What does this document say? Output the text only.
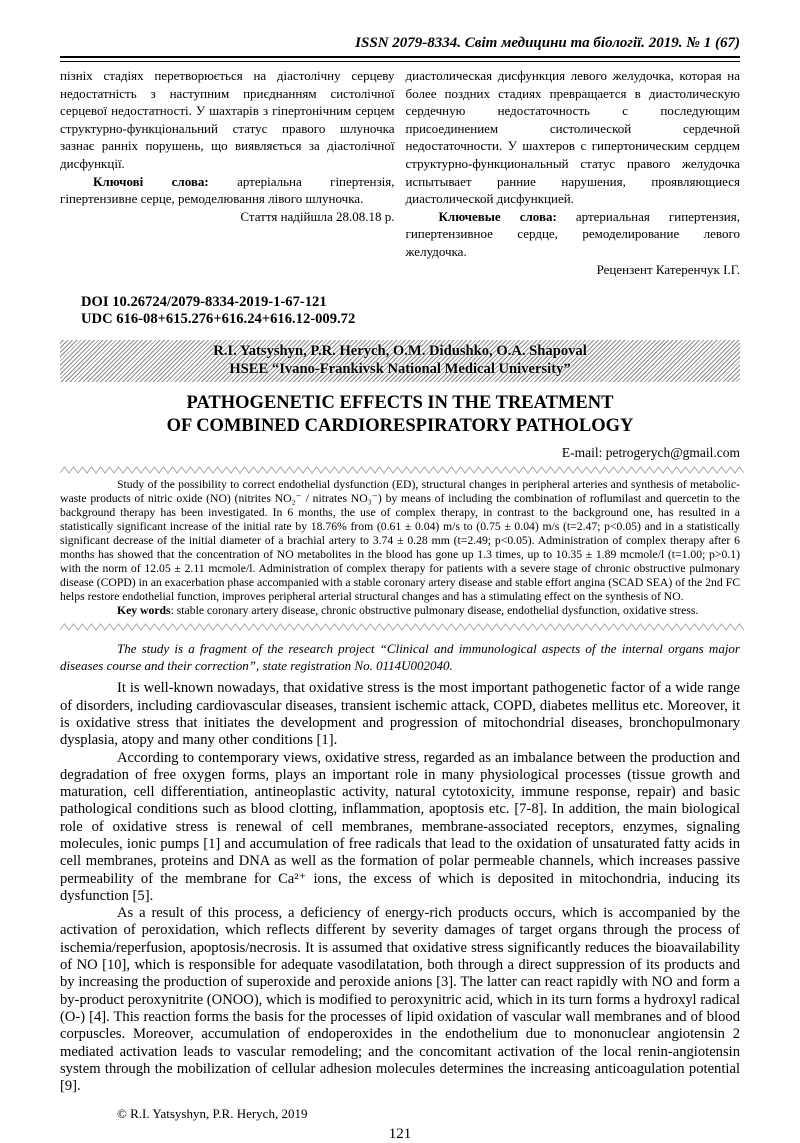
ISSN 2079-8334. Світ медицини та біології. 2019. № 1 (67)

пізніх стадіях перетворюється на діастолічну серцеву недостатність з наступним приєднанням систолічної серцевої недостатності. У шахтарів з гіпертонічним серцем структурно-функціональний статус правого шлуночка зазнає ранніх порушень, що виявляється за діастолічної дисфункції.

Ключові слова: артеріальна гіпертензія, гіпертензивне серце, ремоделювання лівого шлуночка.

Стаття надійшла 28.08.18 р.

диастолическая дисфункция левого желудочка, которая на более поздних стадиях превращается в диастолическую сердечную недостаточность с последующим присоединением систолической сердечной недостаточности. У шахтеров с гипертоническим сердцем структурно-функциональный статус правого желудочка испытывает ранние нарушения, проявляющиеся диастолической дисфункцией.

Ключевые слова: артериальная гипертензия, гипертензивное сердце, ремоделирование левого желудочка.

Рецензент Катеренчук І.Г.

DOI 10.26724/2079-8334-2019-1-67-121
UDC 616-08+615.276+616.24+616.12-009.72
R.I. Yatsyshyn, P.R. Herych, O.M. Didushko, O.A. Shapoval
HSEE “Ivano-Frankivsk National Medical University”
PATHOGENETIC EFFECTS IN THE TREATMENT
OF COMBINED CARDIORESPIRATORY PATHOLOGY
E-mail: petrogerych@gmail.com

Study of the possibility to correct endothelial dysfunction (ED), structural changes in peripheral arteries and synthesis of metabolic-waste products of nitric oxide (NO) (nitrites NO₂⁻ / nitrates NO₃⁻) by means of including the combination of roflumilast and quercetin to the background therapy has been investigated. In 6 months, the use of complex therapy, in contrast to the background one, has resulted in a statistically significant increase of the initial rate by 18.76% from (0.61 ± 0.04) m/s to (0.75 ± 0.04) m/s (t=2.47; p<0.05) and in a statistically significant decrease of the initial diameter of a brachial artery to 3.74 ± 0.28 mm (t=2.49; p<0.05). Administration of complex therapy after 6 months has showed that the concentration of NO metabolites in the blood has gone up 1.3 times, up to 10.35 ± 1.89 mcmole/l (t=1.00; p>0.1) with the norm of 12.05 ± 2.11 mcmole/l. Administration of complex therapy for patients with a severe stage of chronic obstructive pulmonary disease (COPD) in an exacerbation phase accompanied with a stable coronary artery disease and stable effort angina (SCAD SEA) of the 2nd FC helps restore endothelial function, improves peripheral arterial structural changes and has a stimulating effect on the synthesis of NO.

Key words: stable coronary artery disease, chronic obstructive pulmonary disease, endothelial dysfunction, oxidative stress.

The study is a fragment of the research project “Clinical and immunological aspects of the internal organs major diseases course and their correction”, state registration No. 0114U002040.

It is well-known nowadays, that oxidative stress is the most important pathogenetic factor of a wide range of disorders, including cardiovascular diseases, transient ischemic attack, COPD, diabetes mellitus etc. Moreover, it is oxidative stress that initiates the development and progression of mitochondrial diseases, bronchopulmonary dysplasia, atopy and many other conditions [1].

According to contemporary views, oxidative stress, regarded as an imbalance between the production and degradation of free oxygen forms, plays an important role in many physiological processes (tissue growth and maturation, cell differentiation, antineoplastic activity, natural cytotoxicity, immune response, repair) and basic pathological conditions such as blood clotting, inflammation, apoptosis etc. [7-8]. In addition, the main biological role of oxidative stress is renewal of cell membranes, membrane-associated receptors, enzymes, signaling molecules, ionic pumps [1] and accumulation of free radicals that lead to the oxidation of unsaturated fatty acids in cell membranes, proteins and DNA as well as the formation of polar permeable channels, which increases passive permeability of the membrane for Ca²⁺ ions, the excess of which is deposited in mitochondria, inducing its dysfunction [5].

As a result of this process, a deficiency of energy-rich products occurs, which is accompanied by the activation of peroxidation, which reflects different by severity damages of target organs through the process of ischemia/reperfusion, apoptosis/necrosis. It is assumed that oxidative stress significantly reduces the bioavailability of NO [10], which is responsible for adequate vasodilatation, both through a direct suppression of its products and by increasing the production of superoxide and peroxide anions [3]. The latter can react rapidly with NO and form a by-product peroxynitrite (ONOO), which is modified to peroxynitric acid, which in its turn forms a hydroxyl radical (O-) [4]. This reaction forms the basis for the processes of lipid oxidation of vascular wall membranes and of blood corpuscles. Moreover, accumulation of endoperoxides in the endothelium due to mononuclear angiotensin 2 mediated activation leads to vascular remodeling; and the concomitant activation of the local renin-angiotensin system through the mobilization of cellular adhesion molecules determines the increasing anticoagulation potential [9].

© R.I. Yatsyshyn, P.R. Herych, 2019
121
